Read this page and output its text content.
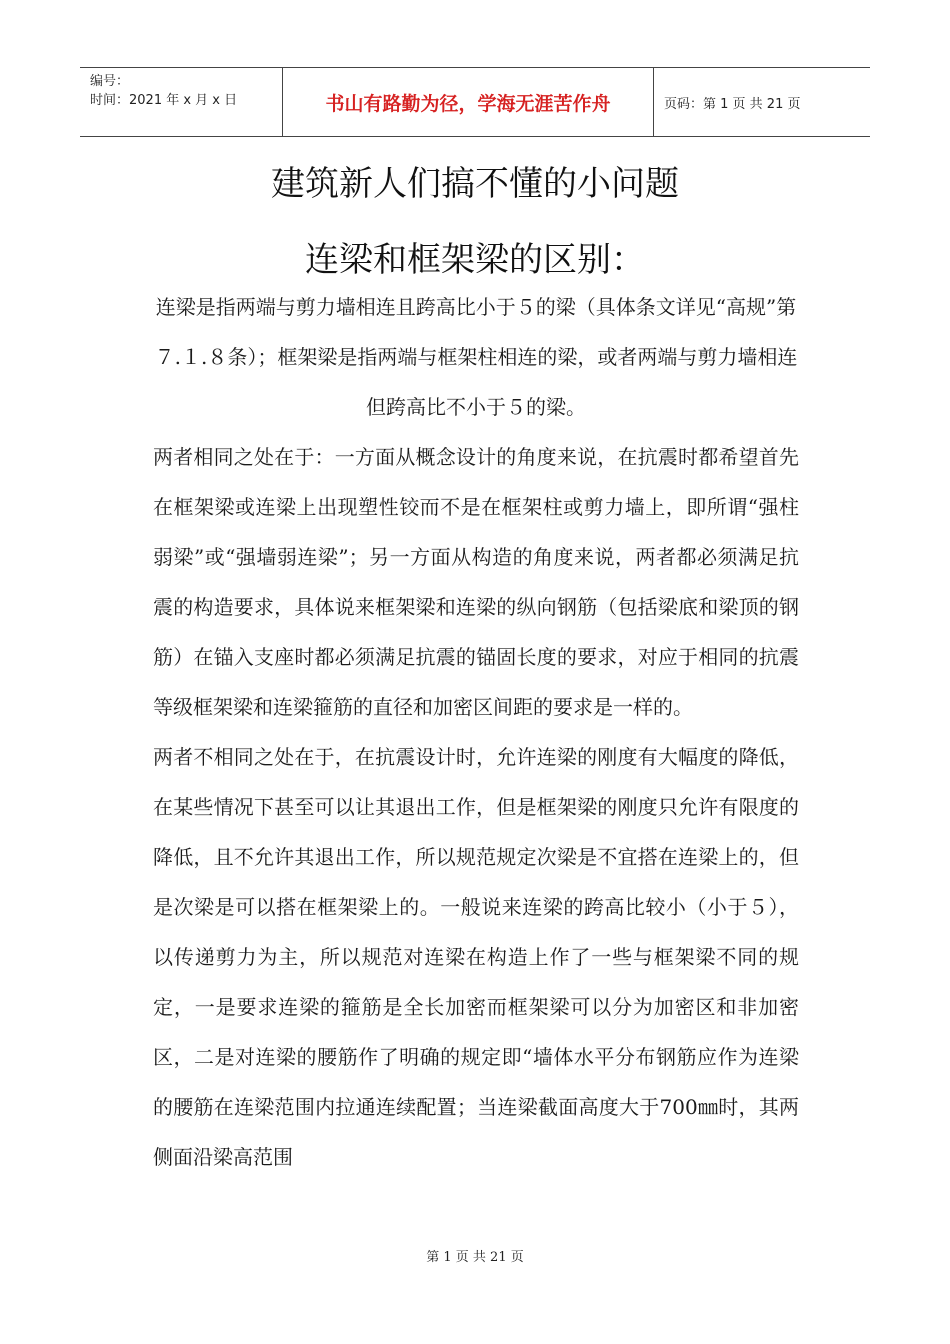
编号：
时间：2021 年 x 月 x 日	书山有路勤为径，学海无涯苦作舟	页码：第 1 页 共 21 页
建筑新人们搞不懂的小问题
连梁和框架梁的区别：

连梁是指两端与剪力墙相连且跨高比小于５的梁（具体条文详见“高规”第７.１.８条）；框架梁是指两端与框架柱相连的梁，或者两端与剪力墙相连但跨高比不小于５的梁。

两者相同之处在于：一方面从概念设计的角度来说，在抗震时都希望首先在框架梁或连梁上出现塑性铰而不是在框架柱或剪力墙上，即所谓“强柱弱梁”或“强墙弱连梁”；另一方面从构造的角度来说，两者都必须满足抗震的构造要求，具体说来框架梁和连梁的纵向钢筋（包括梁底和梁顶的钢筋）在锚入支座时都必须满足抗震的锚固长度的要求，对应于相同的抗震等级框架梁和连梁箍筋的直径和加密区间距的要求是一样的。

两者不相同之处在于，在抗震设计时，允许连梁的刚度有大幅度的降低，在某些情况下甚至可以让其退出工作，但是框架梁的刚度只允许有限度的降低，且不允许其退出工作，所以规范规定次梁是不宜搭在连梁上的，但是次梁是可以搭在框架梁上的。一般说来连梁的跨高比较小（小于５），以传递剪力为主，所以规范对连梁在构造上作了一些与框架梁不同的规定，一是要求连梁的箍筋是全长加密而框架梁可以分为加密区和非加密区，二是对连梁的腰筋作了明确的规定即“墙体水平分布钢筋应作为连梁的腰筋在连梁范围内拉通连续配置；当连梁截面高度大于700㎜时，其两侧面沿梁高范围

第 1 页 共 21 页
